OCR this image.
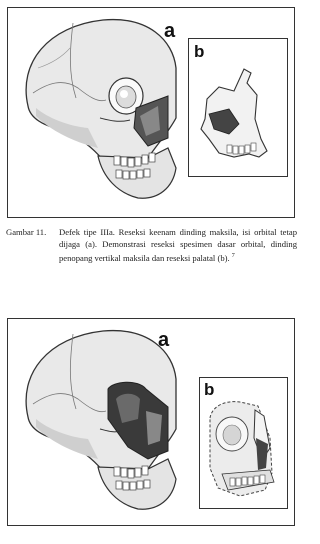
a
b
Gambar 11. Defek tipe IIIa. Reseksi keenam dinding maksila, isi orbital tetap dijaga (a). Demonstrasi reseksi spesimen dasar orbital, dinding penopang vertikal maksila dan reseksi palatal (b). $^7$
a
b
